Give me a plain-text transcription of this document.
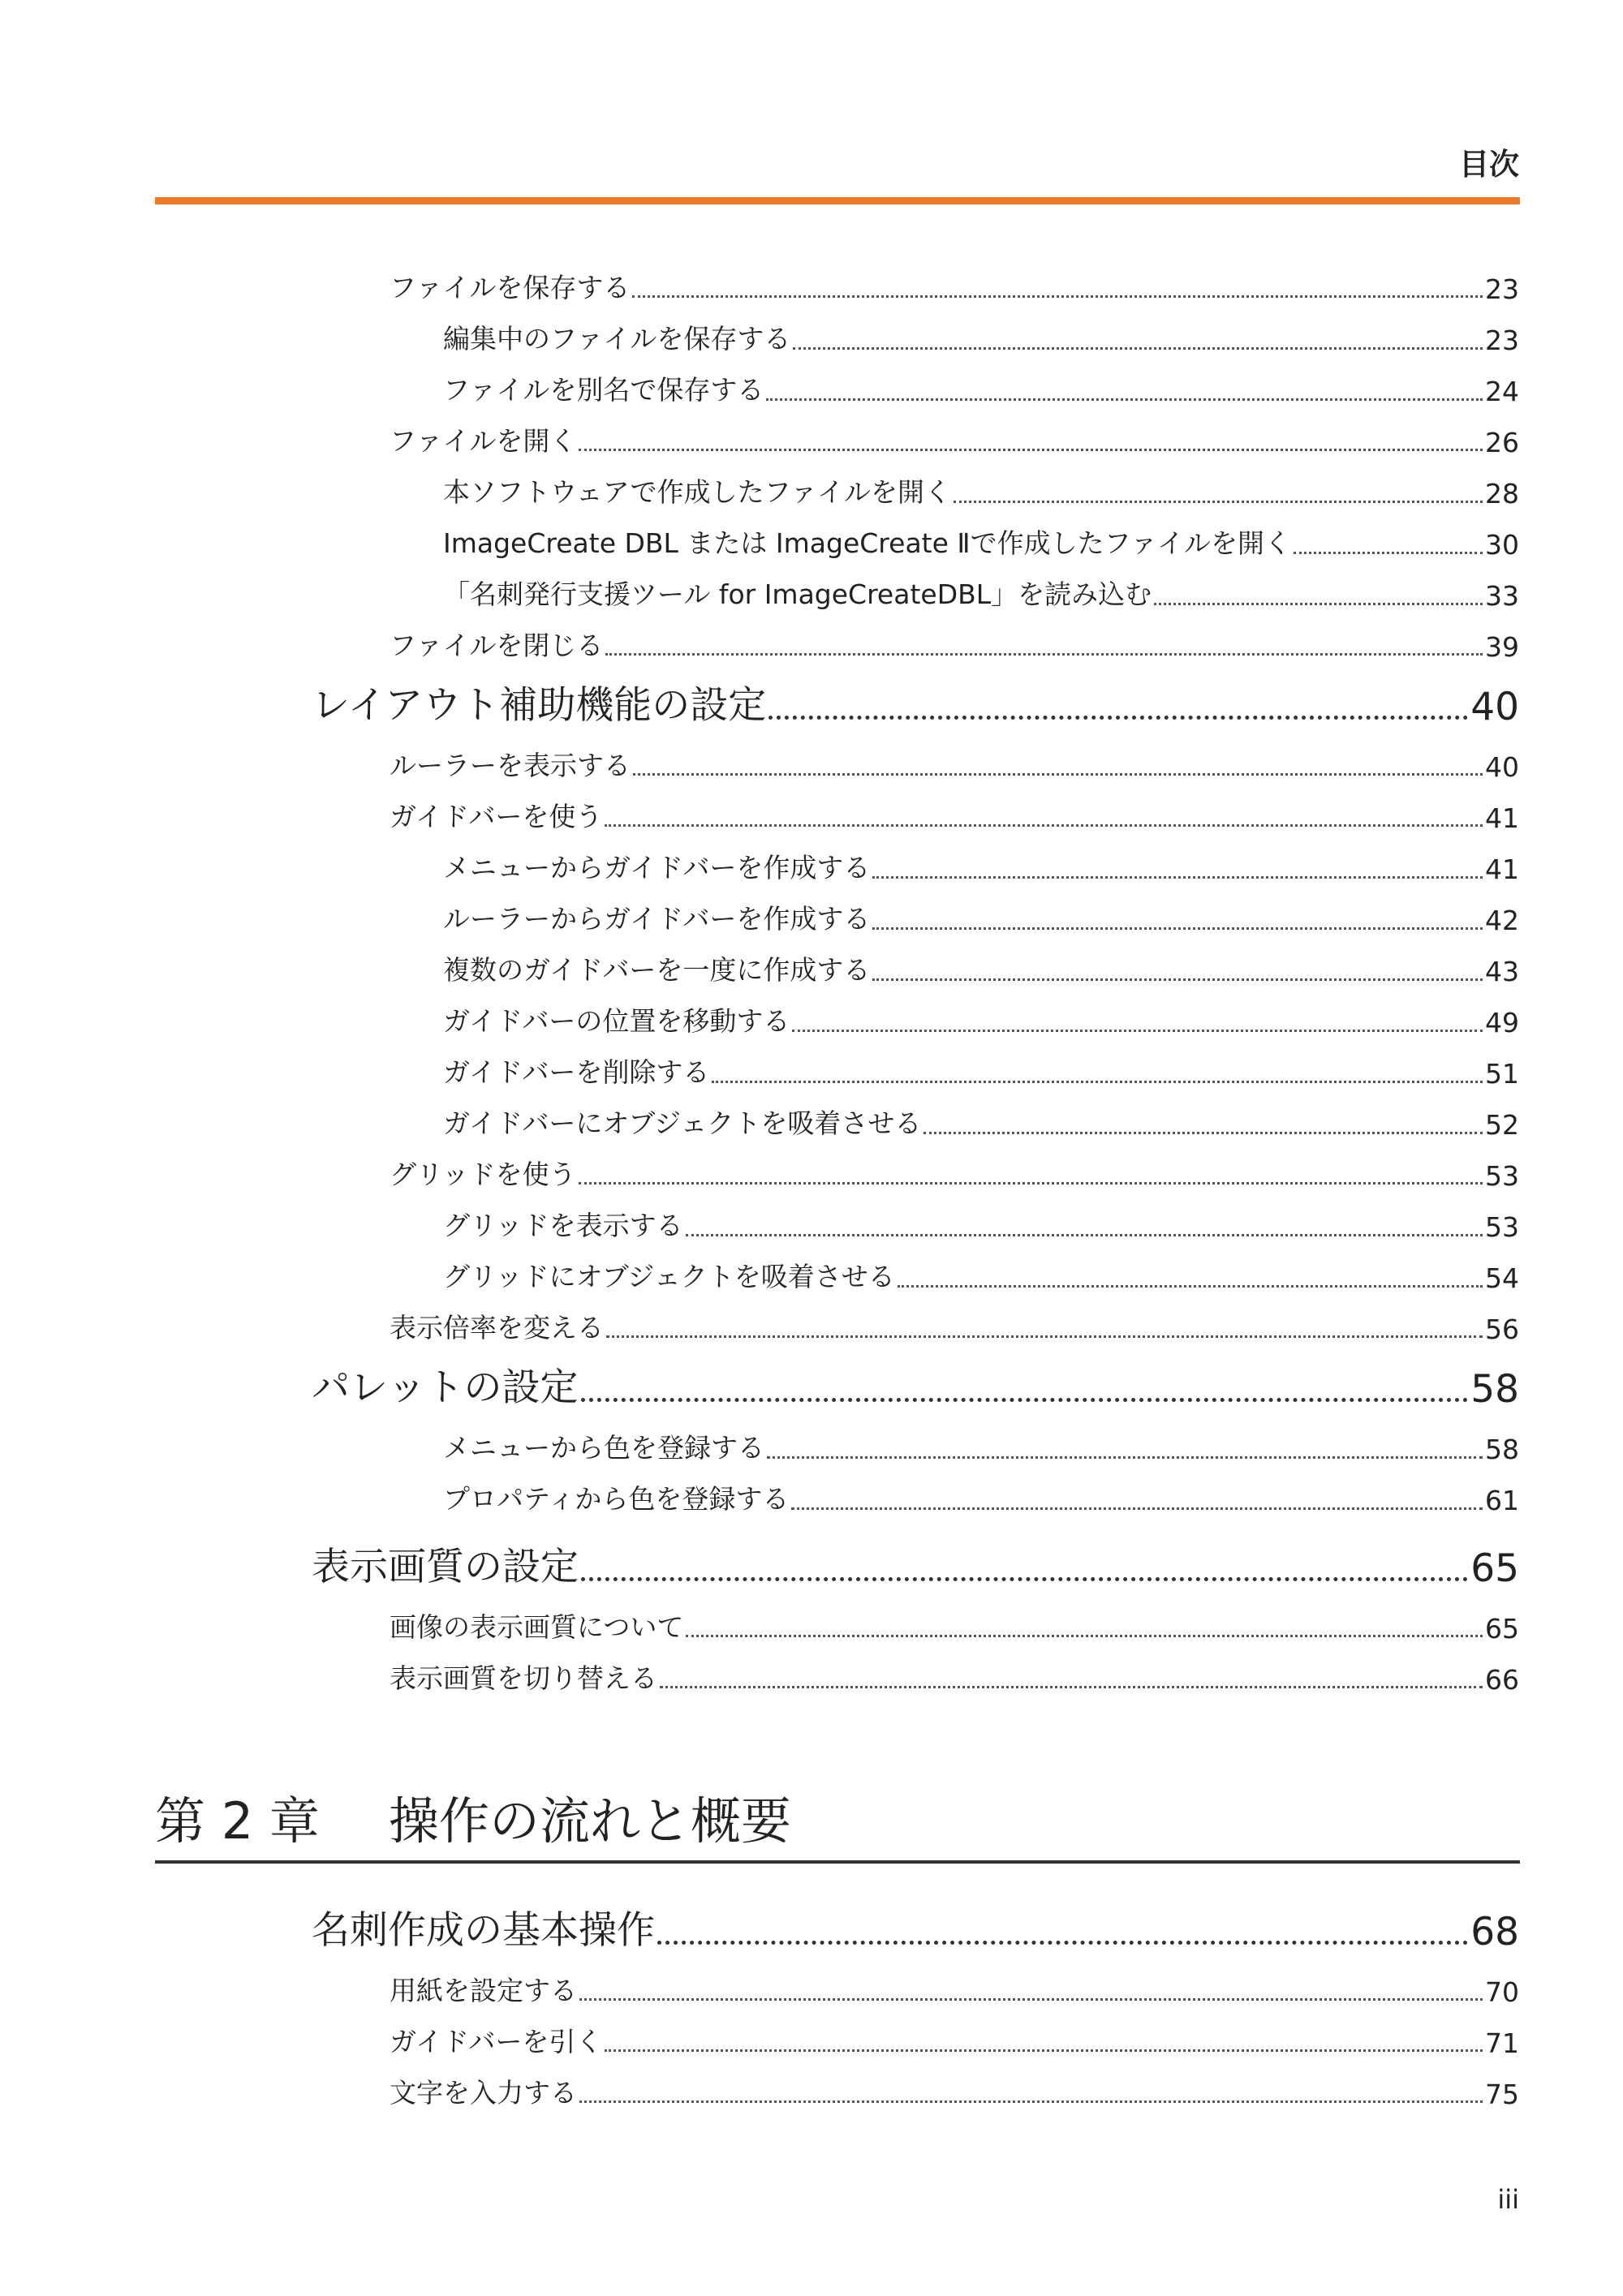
目次
ファイルを保存する	23
編集中のファイルを保存する	23
ファイルを別名で保存する	24
ファイルを開く	26
本ソフトウェアで作成したファイルを開く	28
ImageCreate DBL または ImageCreate Ⅱで作成したファイルを開く	30
「名刺発行支援ツール for ImageCreateDBL」を読み込む	33
ファイルを閉じる	39
レイアウト補助機能の設定	40
ルーラーを表示する	40
ガイドバーを使う	41
メニューからガイドバーを作成する	41
ルーラーからガイドバーを作成する	42
複数のガイドバーを一度に作成する	43
ガイドバーの位置を移動する	49
ガイドバーを削除する	51
ガイドバーにオブジェクトを吸着させる	52
グリッドを使う	53
グリッドを表示する	53
グリッドにオブジェクトを吸着させる	54
表示倍率を変える	56
パレットの設定	58
メニューから色を登録する	58
プロパティから色を登録する	61
表示画質の設定	65
画像の表示画質について	65
表示画質を切り替える	66
名刺作成の基本操作	68
用紙を設定する	70
ガイドバーを引く	71
文字を入力する	75
第 2 章 操作の流れと概要
iii
